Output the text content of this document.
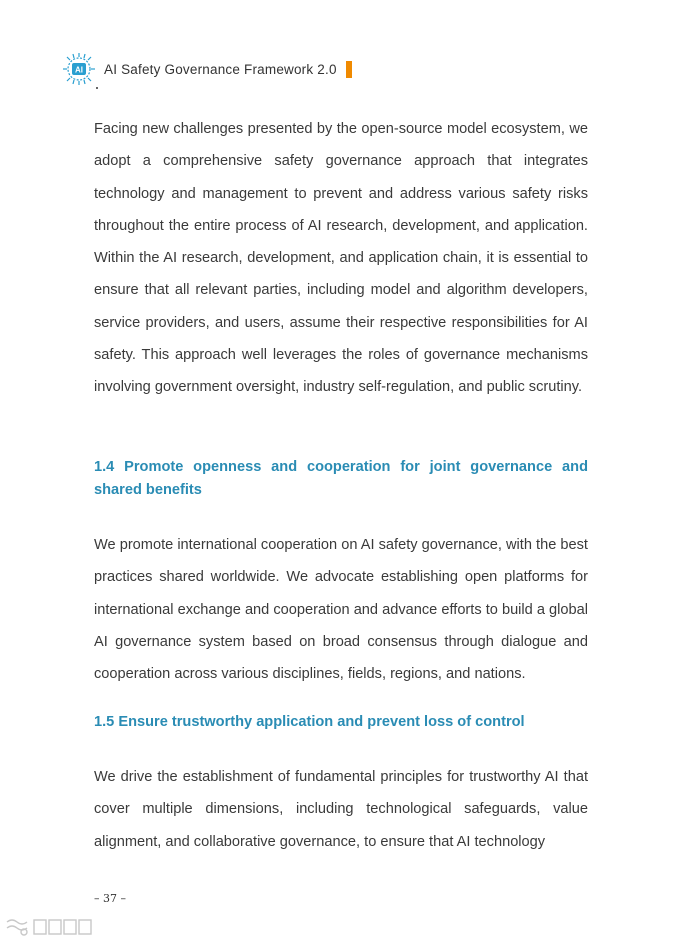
AI AI Safety Governance Framework 2.0

Facing new challenges presented by the open-source model ecosystem, we adopt a comprehensive safety governance approach that integrates technology and management to prevent and address various safety risks throughout the entire process of AI research, development, and application. Within the AI research, development, and application chain, it is essential to ensure that all relevant parties, including model and algorithm developers, service providers, and users, assume their respective responsibilities for AI safety. This approach well leverages the roles of governance mechanisms involving government oversight, industry self-regulation, and public scrutiny.

1.4 Promote openness and cooperation for joint governance and shared benefits

We promote international cooperation on AI safety governance, with the best practices shared worldwide. We advocate establishing open platforms for international exchange and cooperation and advance efforts to build a global AI governance system based on broad consensus through dialogue and cooperation across various disciplines, fields, regions, and nations.

1.5 Ensure trustworthy application and prevent loss of control

We drive the establishment of fundamental principles for trustworthy AI that cover multiple dimensions, including technological safeguards, value alignment, and collaborative governance, to ensure that AI technology

– 37 –
